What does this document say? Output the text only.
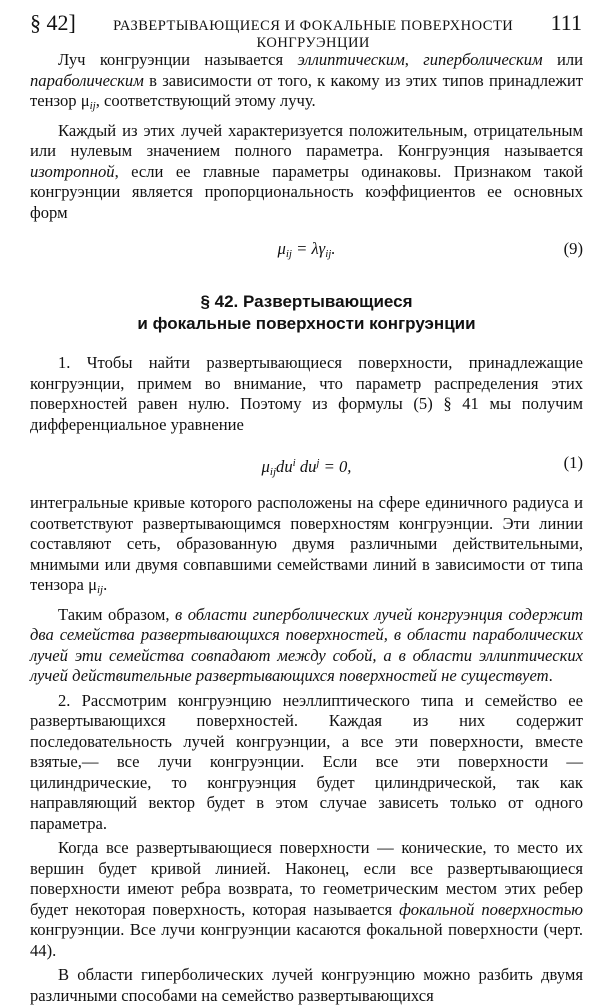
§ 42]	РАЗВЕРТЫВАЮЩИЕСЯ И ФОКАЛЬНЫЕ ПОВЕРХНОСТИ КОНГРУЭНЦИИ
111

Луч конгруэнции называется эллиптическим, гиперболическим или параболическим в зависимости от того, к какому из этих типов принадлежит тензор $\mu_{ij}$, соответствующий этому лучу.

Каждый из этих лучей характеризуется положительным, отрицательным или нулевым значением полного параметра. Конгруэнция называется изотропной, если ее главные параметры одинаковы. Признаком такой конгруэнции является пропорциональность коэффициентов ее основных форм

$\mu_{ij} = \lambda\gamma_{ij}$.	(9)
§ 42. Развертывающиеся
и фокальные поверхности конгруэнции

1. Чтобы найти развертывающиеся поверхности, принадлежащие конгруэнции, примем во внимание, что параметр распределения этих поверхностей равен нулю. Поэтому из формулы (5) § 41 мы получим дифференциальное уравнение

$\mu_{ij}du^i$ $du^j = 0$,	(1)

интегральные кривые которого расположены на сфере единичного радиуса и соответствуют развертывающимся поверхностям конгруэнции. Эти линии составляют сеть, образованную двумя различными действительными, мнимыми или двумя совпавшими семействами линий в зависимости от типа тензора $\mu_{ij}$.

Таким образом, в области гиперболических лучей конгруэнция содержит два семейства развертывающихся поверхностей, в области параболических лучей эти семейства совпадают между собой, а в области эллиптических лучей действительные развертывающихся поверхностей не существует.

2. Рассмотрим конгруэнцию неэллиптического типа и семейство ее развертывающихся поверхностей. Каждая из них содержит последовательность лучей конгруэнции, а все эти поверхности, вместе взятые,— все лучи конгруэнции. Если все эти поверхности — цилиндрические, то конгруэнция будет цилиндрической, так как направляющий вектор будет в этом случае зависеть только от одного параметра.

Когда все развертывающиеся поверхности — конические, то место их вершин будет кривой линией. Наконец, если все развертывающиеся поверхности имеют ребра возврата, то геометрическим местом этих ребер будет некоторая поверхность, которая называется фокальной поверхностью конгруэнции. Все лучи конгруэнции касаются фокальной поверхности (черт. 44).

В области гиперболических лучей конгруэнцию можно разбить двумя различными способами на семейство развертывающихся
